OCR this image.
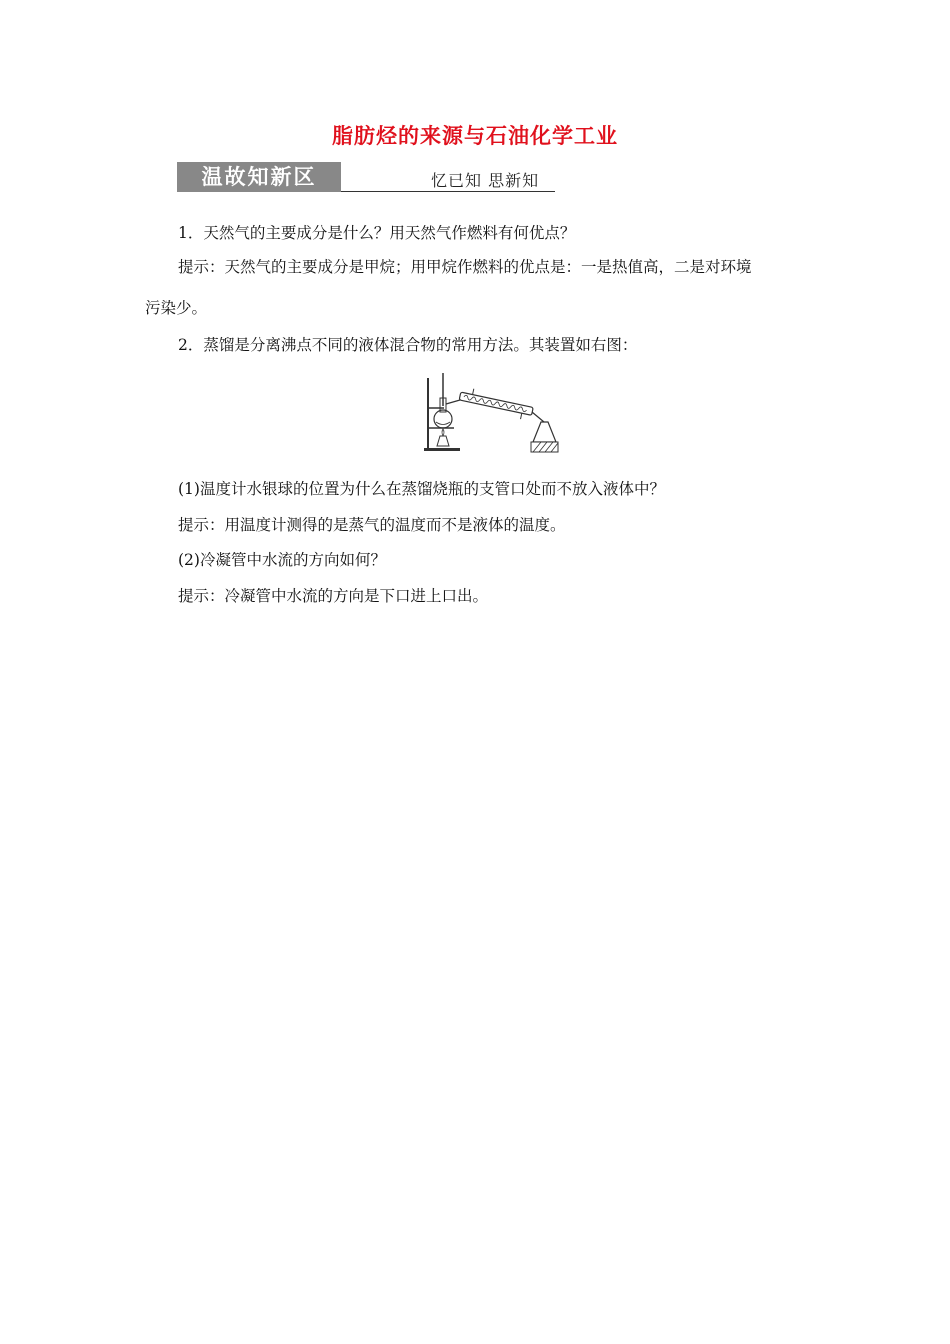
脂肪烃的来源与石油化学工业
温故知新区	忆已知 思新知
1．天然气的主要成分是什么？用天然气作燃料有何优点？
提示：天然气的主要成分是甲烷；用甲烷作燃料的优点是：一是热值高，二是对环境
污染少。
2．蒸馏是分离沸点不同的液体混合物的常用方法。其装置如右图：
(1)温度计水银球的位置为什么在蒸馏烧瓶的支管口处而不放入液体中？
提示：用温度计测得的是蒸气的温度而不是液体的温度。
(2)冷凝管中水流的方向如何？
提示：冷凝管中水流的方向是下口进上口出。
